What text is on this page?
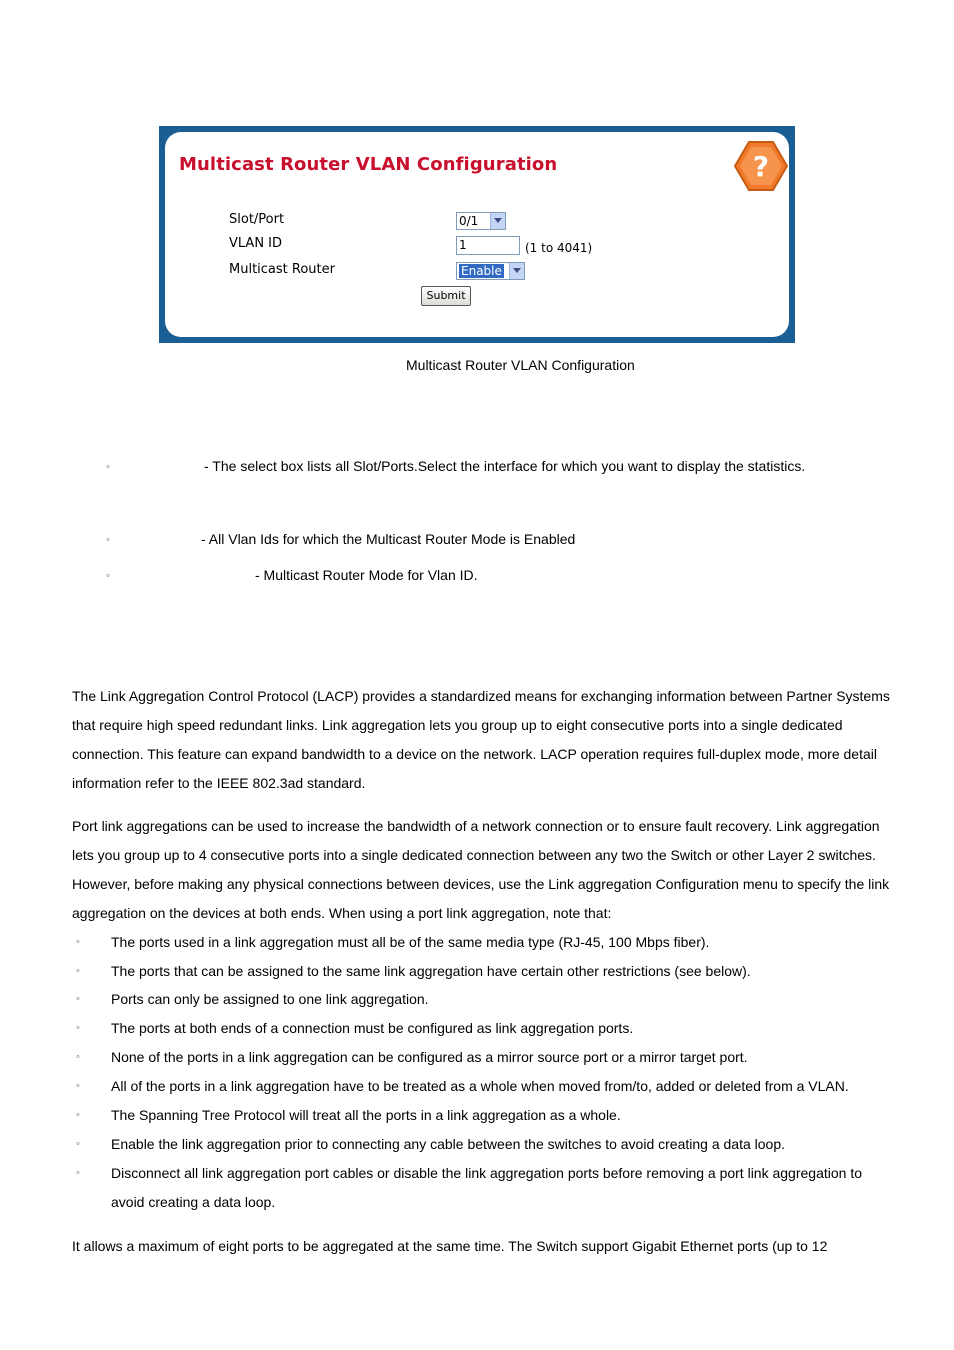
Multicast Router VLAN Configuration	?
Slot/Port	0/1
VLAN ID	1	(1 to 4041)
Multicast Router	Enable
Submit
Multicast Router VLAN Configuration
◦	- The select box lists all Slot/Ports.Select the interface for which you want to display the statistics.
◦	- All Vlan Ids for which the Multicast Router Mode is Enabled
◦	- Multicast Router Mode for Vlan ID.
The Link Aggregation Control Protocol (LACP) provides a standardized means for exchanging information between Partner Systems that require high speed redundant links. Link aggregation lets you group up to eight consecutive ports into a single dedicated connection. This feature can expand bandwidth to a device on the network. LACP operation requires full-duplex mode, more detail information refer to the IEEE 802.3ad standard.
Port link aggregations can be used to increase the bandwidth of a network connection or to ensure fault recovery. Link aggregation lets you group up to 4 consecutive ports into a single dedicated connection between any two the Switch or other Layer 2 switches. However, before making any physical connections between devices, use the Link aggregation Configuration menu to specify the link aggregation on the devices at both ends. When using a port link aggregation, note that:
◦ The ports used in a link aggregation must all be of the same media type (RJ-45, 100 Mbps fiber).
◦ The ports that can be assigned to the same link aggregation have certain other restrictions (see below).
◦ Ports can only be assigned to one link aggregation.
◦ The ports at both ends of a connection must be configured as link aggregation ports.
◦ None of the ports in a link aggregation can be configured as a mirror source port or a mirror target port.
◦ All of the ports in a link aggregation have to be treated as a whole when moved from/to, added or deleted from a VLAN.
◦ The Spanning Tree Protocol will treat all the ports in a link aggregation as a whole.
◦ Enable the link aggregation prior to connecting any cable between the switches to avoid creating a data loop.
◦ Disconnect all link aggregation port cables or disable the link aggregation ports before removing a port link aggregation to avoid creating a data loop.
It allows a maximum of eight ports to be aggregated at the same time. The Switch support Gigabit Ethernet ports (up to 12
